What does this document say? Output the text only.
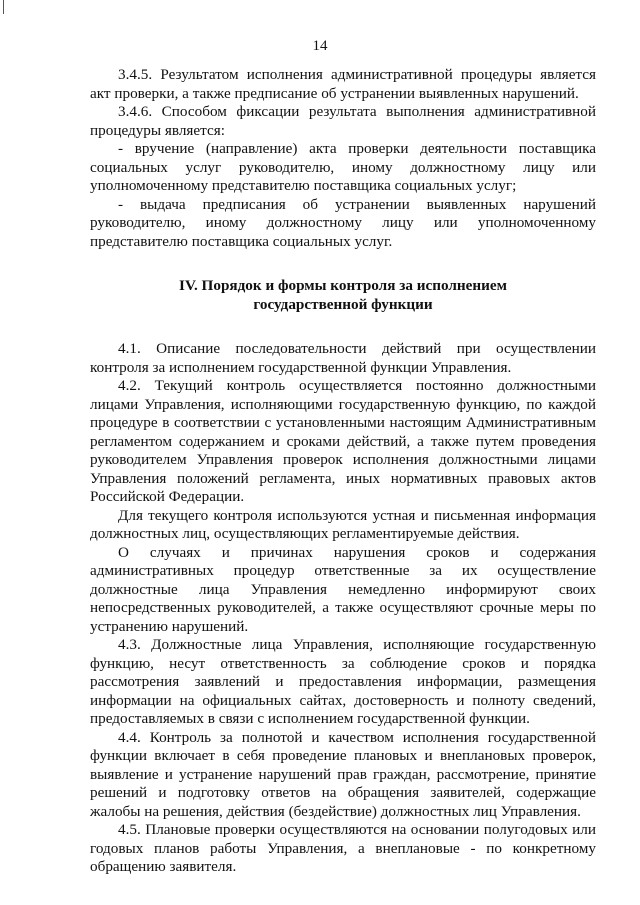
14

3.4.5. Результатом исполнения административной процедуры является акт проверки, а также предписание об устранении выявленных нарушений.

3.4.6. Способом фиксации результата выполнения административной процедуры является:

- вручение (направление) акта проверки деятельности поставщика социальных услуг руководителю, иному должностному лицу или уполномоченному представителю поставщика социальных услуг;

- выдача предписания об устранении выявленных нарушений руководителю, иному должностному лицу или уполномоченному представителю поставщика социальных услуг.

IV. Порядок и формы контроля за исполнением
государственной функции

4.1. Описание последовательности действий при осуществлении контроля за исполнением государственной функции Управления.

4.2. Текущий контроль осуществляется постоянно должностными лицами Управления, исполняющими государственную функцию, по каждой процедуре в соответствии с установленными настоящим Административным регламентом содержанием и сроками действий, а также путем проведения руководителем Управления проверок исполнения должностными лицами Управления положений регламента, иных нормативных правовых актов Российской Федерации.

Для текущего контроля используются устная и письменная информация должностных лиц, осуществляющих регламентируемые действия.

О случаях и причинах нарушения сроков и содержания административных процедур ответственные за их осуществление должностные лица Управления немедленно информируют своих непосредственных руководителей, а также осуществляют срочные меры по устранению нарушений.

4.3. Должностные лица Управления, исполняющие государственную функцию, несут ответственность за соблюдение сроков и порядка рассмотрения заявлений и предоставления информации, размещения информации на официальных сайтах, достоверность и полноту сведений, предоставляемых в связи с исполнением государственной функции.

4.4. Контроль за полнотой и качеством исполнения государственной функции включает в себя проведение плановых и внеплановых проверок, выявление и устранение нарушений прав граждан, рассмотрение, принятие решений и подготовку ответов на обращения заявителей, содержащие жалобы на решения, действия (бездействие) должностных лиц Управления.

4.5. Плановые проверки осуществляются на основании полугодовых или годовых планов работы Управления, а внеплановые - по конкретному обращению заявителя.
